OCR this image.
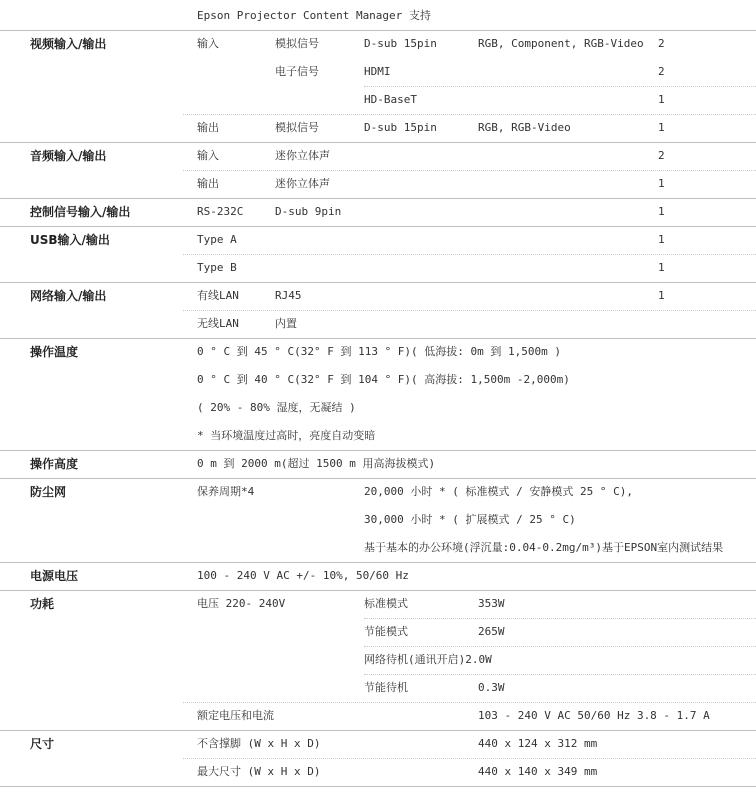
Epson Projector Content Manager 支持
视频输入/输出	输入	模拟信号	D-sub 15pin	RGB, Component, RGB-Video 2
电子信号	HDMI	2
HD-BaseT	1
输出	模拟信号	D-sub 15pin	RGB, RGB-Video	1
音频输入/输出	输入	迷你立体声	2
输出	迷你立体声	1
控制信号输入/输出	RS-232C	D-sub 9pin	1
USB输入/输出	Type A	1
Type B	1
网络输入/输出	有线LAN	RJ45	1
无线LAN	内置
操作温度	0 ° C 到 45 ° C(32° F 到 113 ° F)( 低海拔: 0m 到 1,500m )
0 ° C 到 40 ° C(32° F 到 104 ° F)( 高海拔: 1,500m -2,000m)
( 20% - 80% 湿度，无凝结 )
* 当环境温度过高时，亮度自动变暗
操作高度	0 m 到 2000 m(超过 1500 m 用高海拔模式)
防尘网	保养周期*4	20,000 小时 * ( 标准模式 / 安静模式 25 ° C),
30,000 小时 * ( 扩展模式 / 25 ° C)
基于基本的办公环境(浮沉量:0.04-0.2mg/m³)基于EPSON室内测试结果
电源电压	100 - 240 V AC +/- 10%, 50/60 Hz
功耗	电压 220- 240V	标准模式	353W
节能模式	265W
网络待机(通讯开启)2.0W
节能待机	0.3W
额定电压和电流	103 - 240 V AC 50/60 Hz 3.8 - 1.7 A
尺寸	不含撑脚 (W x H x D)	440 x 124 x 312 mm
最大尺寸 (W x H x D)	440 x 140 x 349 mm
